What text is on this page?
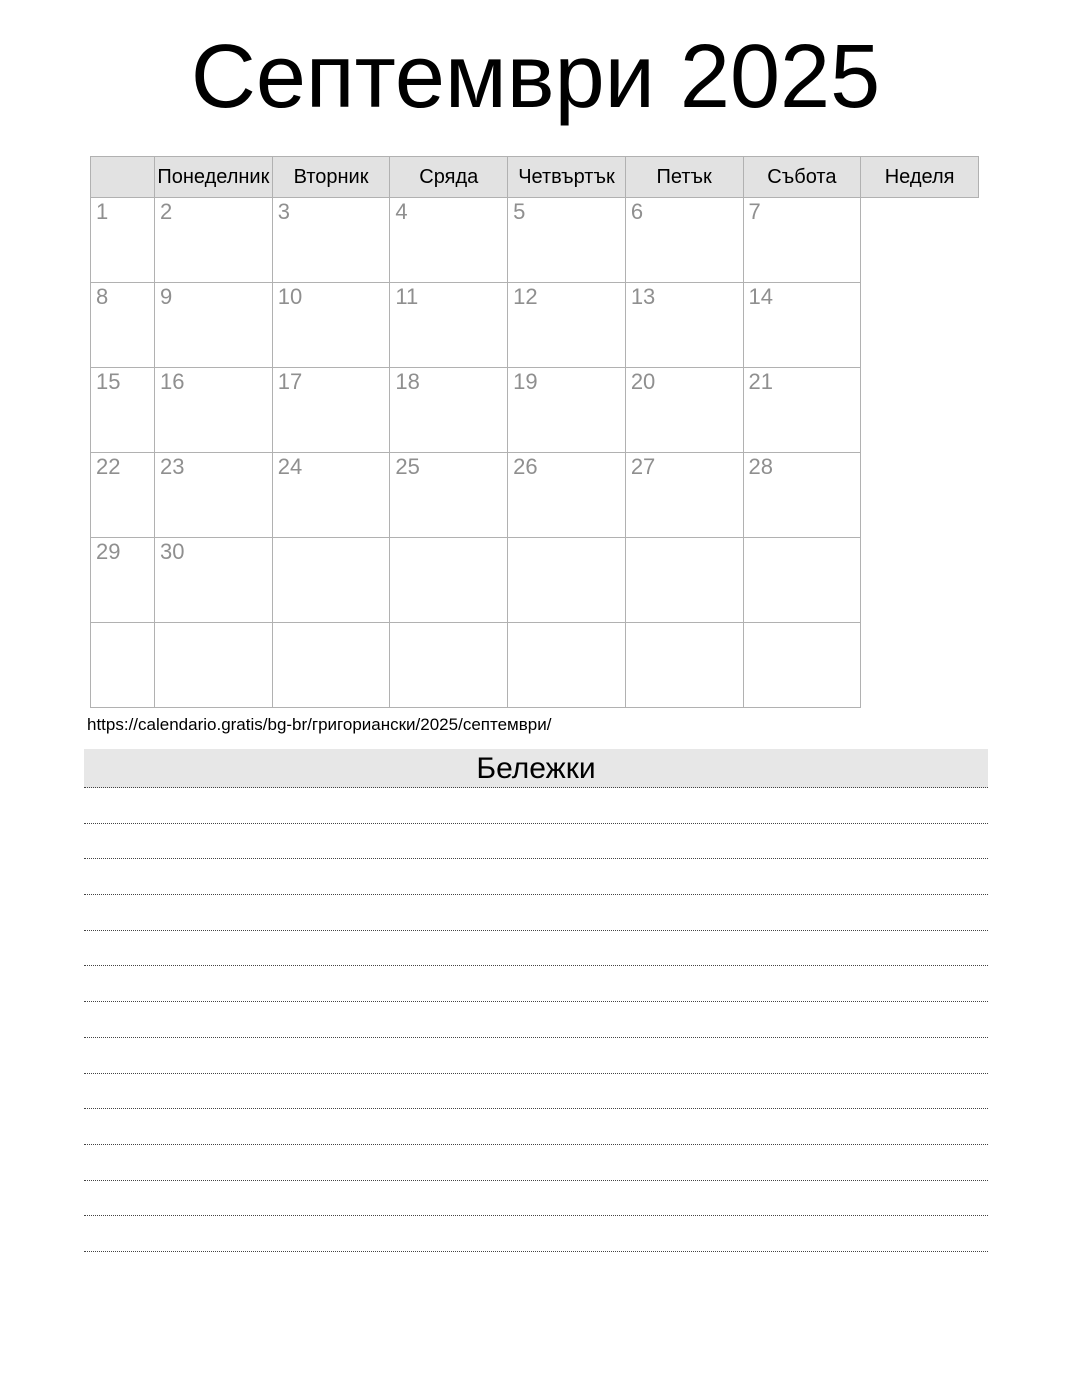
Септември 2025
	Понеделник	Вторник	Сряда	Четвъртък	Петък	Събота	Неделя
1	2	3	4	5	6	7	
8	9	10	11	12	13	14	
15	16	17	18	19	20	21	
22	23	24	25	26	27	28	
29	30						

https://calendario.gratis/bg-br/григориански/2025/септември/
Бележки
